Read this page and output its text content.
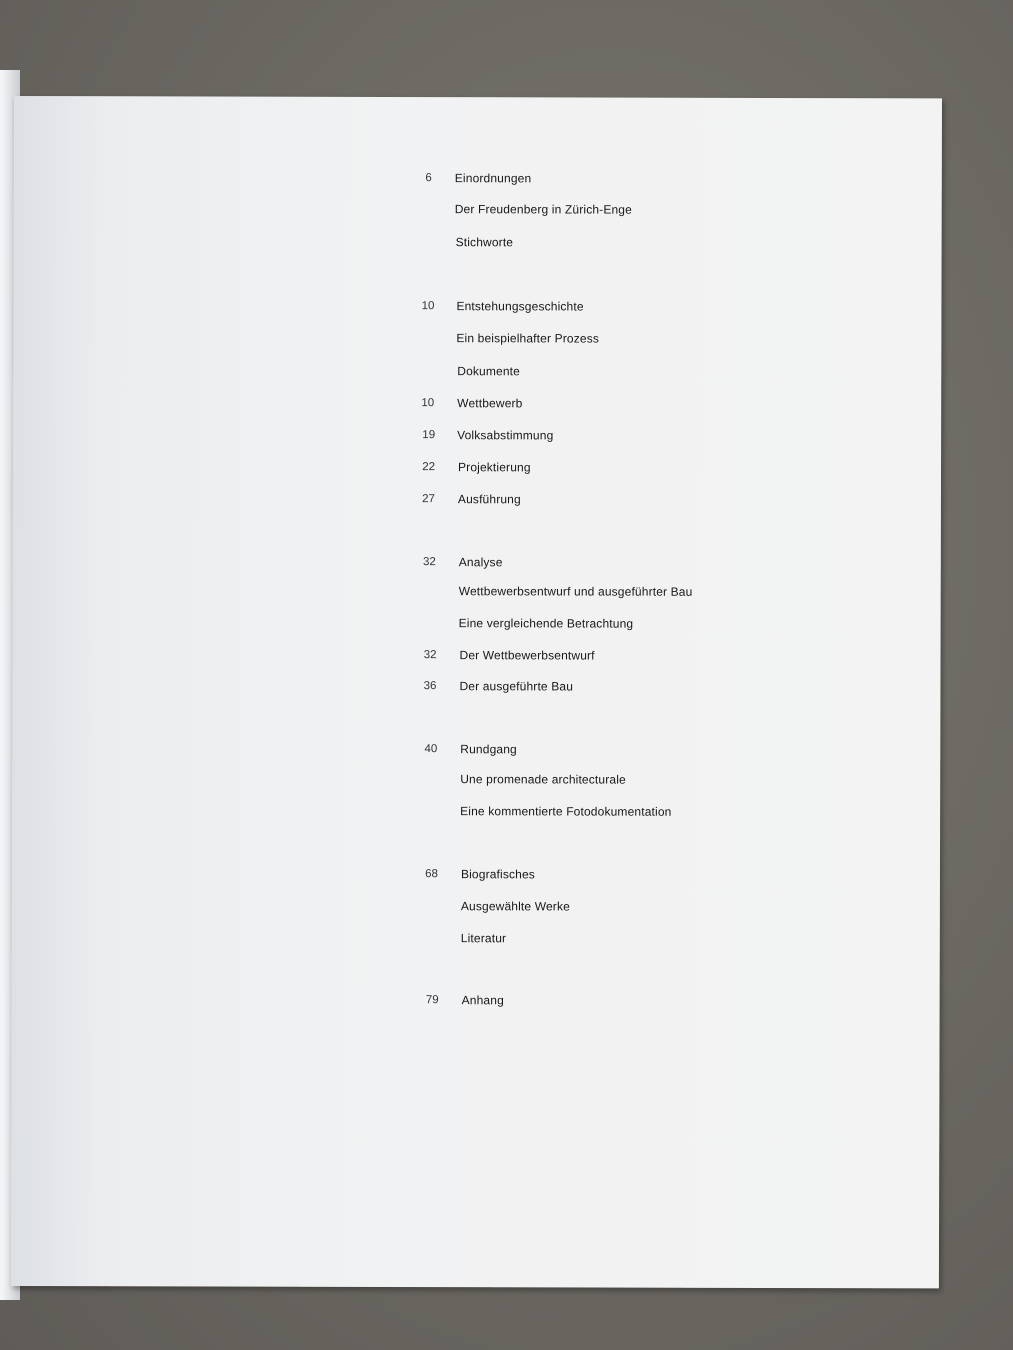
6 Einordnungen
Der Freudenberg in Zürich-Enge
Stichworte
10 Entstehungsgeschichte
Ein beispielhafter Prozess
Dokumente
10 Wettbewerb
19 Volksabstimmung
22 Projektierung
27 Ausführung
32 Analyse
Wettbewerbsentwurf und ausgeführter Bau
Eine vergleichende Betrachtung
32 Der Wettbewerbsentwurf
36 Der ausgeführte Bau
40 Rundgang
Une promenade architecturale
Eine kommentierte Fotodokumentation
68 Biografisches
Ausgewählte Werke
Literatur
79 Anhang
